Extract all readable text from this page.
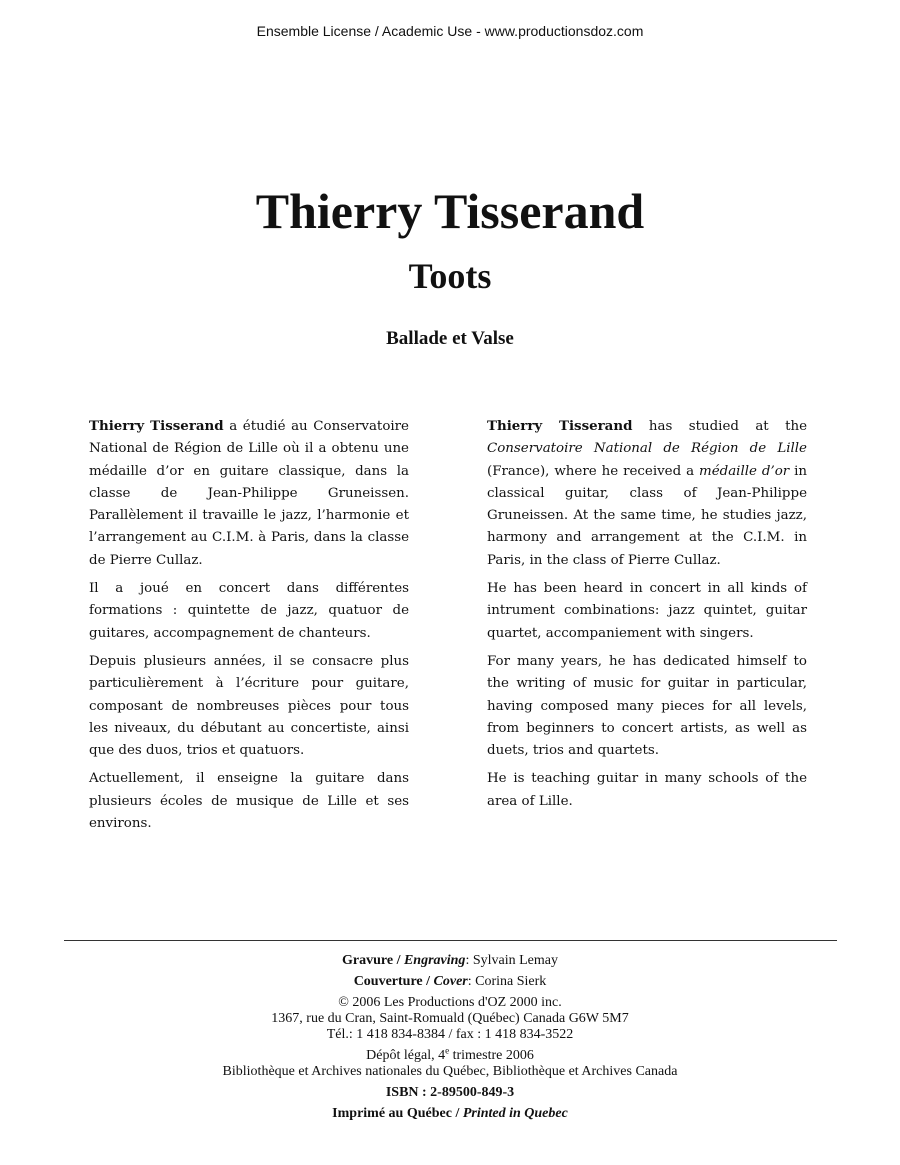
Ensemble License / Academic Use - www.productionsdoz.com
Thierry Tisserand
Toots
Ballade et Valse

Thierry Tisserand a étudié au Conservatoire National de Région de Lille où il a obtenu une médaille d’or en guitare classique, dans la classe de Jean-Philippe Gruneissen. Parallèlement il travaille le jazz, l’harmonie et l’arrangement au C.I.M. à Paris, dans la classe de Pierre Cullaz.

Il a joué en concert dans différentes formations : quintette de jazz, quatuor de guitares, accompagnement de chanteurs.

Depuis plusieurs années, il se consacre plus particulièrement à l’écriture pour guitare, composant de nombreuses pièces pour tous les niveaux, du débutant au concertiste, ainsi que des duos, trios et quatuors.

Actuellement, il enseigne la guitare dans plusieurs écoles de musique de Lille et ses environs.

Thierry Tisserand has studied at the Conservatoire National de Région de Lille (France), where he received a médaille d’or in classical guitar, class of Jean-Philippe Gruneissen. At the same time, he studies jazz, harmony and arrangement at the C.I.M. in Paris, in the class of Pierre Cullaz.

He has been heard in concert in all kinds of intrument combinations: jazz quintet, guitar quartet, accompaniement with singers.

For many years, he has dedicated himself to the writing of music for guitar in particular, having composed many pieces for all levels, from beginners to concert artists, as well as duets, trios and quartets.

He is teaching guitar in many schools of the area of Lille.

Gravure / Engraving: Sylvain Lemay
Couverture / Cover: Corina Sierk
© 2006 Les Productions d'OZ 2000 inc.
1367, rue du Cran, Saint-Romuald (Québec) Canada G6W 5M7
Tél.: 1 418 834-8384 / fax : 1 418 834-3522
Dépôt légal, 4e trimestre 2006
Bibliothèque et Archives nationales du Québec, Bibliothèque et Archives Canada
ISBN : 2-89500-849-3
Imprimé au Québec / Printed in Quebec
